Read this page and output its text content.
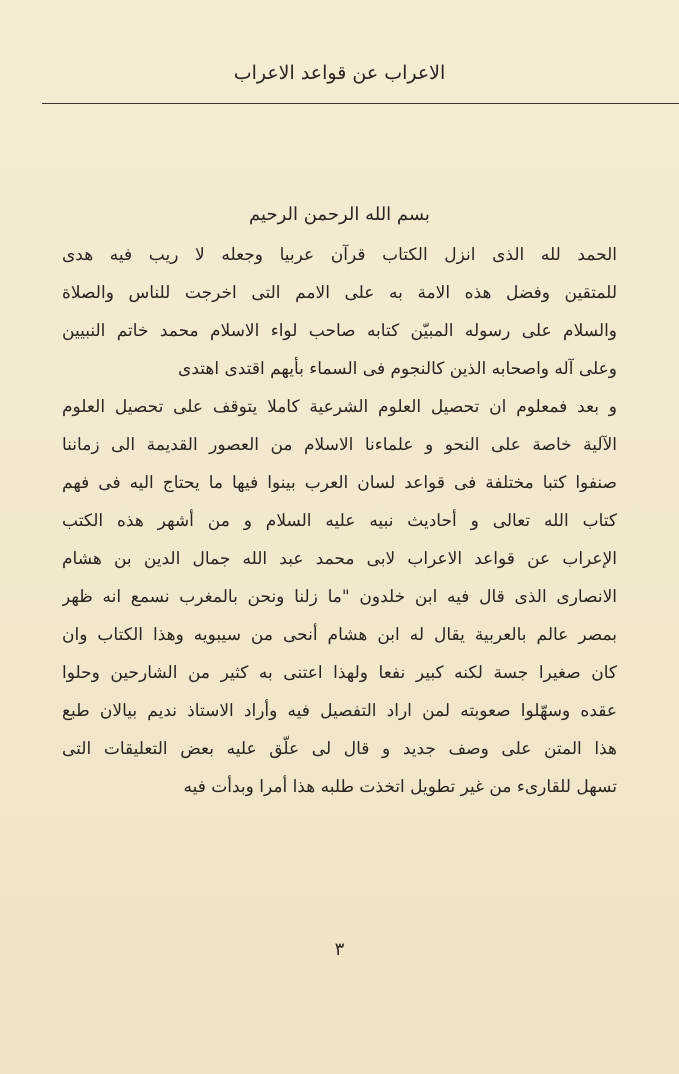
الاعراب عن قواعد الاعراب
بسم الله الرحمن الرحيم
الحمد لله الذى انزل الكتاب قرآن عربيا وجعله لا ريب فيه هدى
للمتقين وفضل هذه الامة به على الامم التى اخرجت للناس والصلاة
والسلام على رسوله المبيّن كتابه صاحب لواء الاسلام محمد خاتم النبيين
وعلى آله واصحابه الذين كالنجوم فى السماء بأيهم اقتدى اهتدى
و بعد فمعلوم ان تحصيل العلوم الشرعية كاملا يتوقف على تحصيل العلوم
الآلية خاصة على النحو و علماءنا الاسلام من العصور القديمة الى زماننا
صنفوا كتبا مختلفة فى قواعد لسان العرب بينوا فيها ما يحتاج اليه فى فهم
كتاب الله تعالى و أحاديث نبيه عليه السلام و من أشهر هذه الكتب
الإعراب عن قواعد الاعراب لابى محمد عبد الله جمال الدين بن هشام
الانصارى الذى قال فيه ابن خلدون "ما زلنا ونحن بالمغرب نسمع انه ظهر
بمصر عالم بالعربية يقال له ابن هشام أنحى من سيبويه وهذا الكتاب وان
كان صغيرا جسة لكنه كبير نفعا ولهذا اعتنى به كثير من الشارحين وحلوا
عقده وسهّلوا صعوبته لمن اراد التفصيل فيه وأراد الاستاذ نديم بيالان طبع
هذا المتن على وصف جديد و قال لى علّق عليه بعض التعليقات التى
تسهل للقارىء من غير تطويل اتخذت طلبه هذا أمرا وبدأت فيه
٣
